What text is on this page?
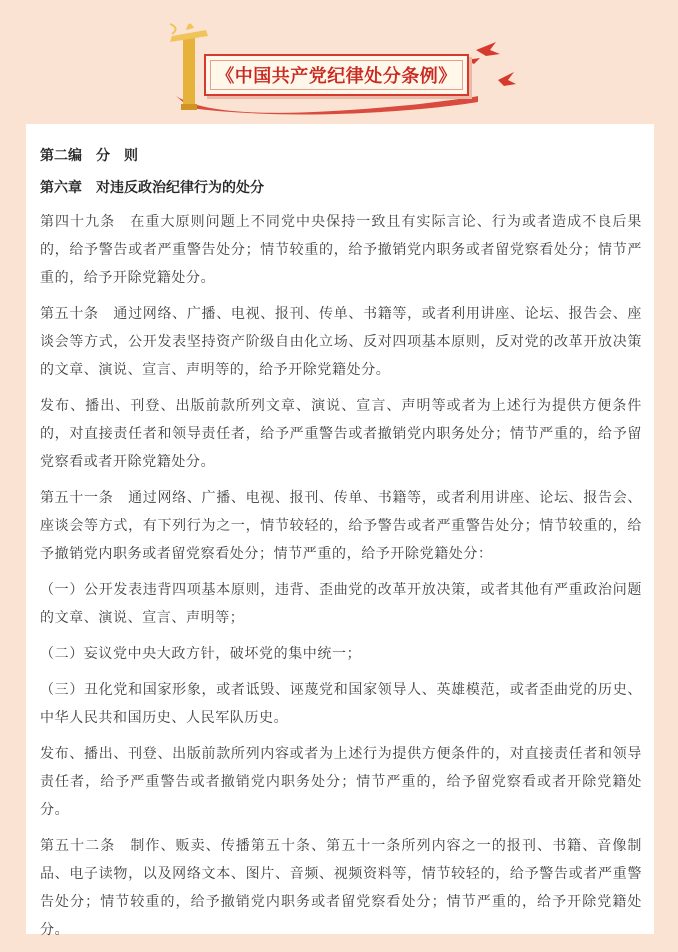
《中国共产党纪律处分条例》

第二编　分　则

第六章　对违反政治纪律行为的处分

第四十九条　在重大原则问题上不同党中央保持一致且有实际言论、行为或者造成不良后果的，给予警告或者严重警告处分；情节较重的，给予撤销党内职务或者留党察看处分；情节严重的，给予开除党籍处分。

第五十条　通过网络、广播、电视、报刊、传单、书籍等，或者利用讲座、论坛、报告会、座谈会等方式，公开发表坚持资产阶级自由化立场、反对四项基本原则，反对党的改革开放决策的文章、演说、宣言、声明等的，给予开除党籍处分。

发布、播出、刊登、出版前款所列文章、演说、宣言、声明等或者为上述行为提供方便条件的，对直接责任者和领导责任者，给予严重警告或者撤销党内职务处分；情节严重的，给予留党察看或者开除党籍处分。

第五十一条　通过网络、广播、电视、报刊、传单、书籍等，或者利用讲座、论坛、报告会、座谈会等方式，有下列行为之一，情节较轻的，给予警告或者严重警告处分；情节较重的，给予撤销党内职务或者留党察看处分；情节严重的，给予开除党籍处分：

（一）公开发表违背四项基本原则，违背、歪曲党的改革开放决策，或者其他有严重政治问题的文章、演说、宣言、声明等；

（二）妄议党中央大政方针，破坏党的集中统一；

（三）丑化党和国家形象，或者诋毁、诬蔑党和国家领导人、英雄模范，或者歪曲党的历史、中华人民共和国历史、人民军队历史。

发布、播出、刊登、出版前款所列内容或者为上述行为提供方便条件的，对直接责任者和领导责任者，给予严重警告或者撤销党内职务处分；情节严重的，给予留党察看或者开除党籍处分。

第五十二条　制作、贩卖、传播第五十条、第五十一条所列内容之一的报刊、书籍、音像制品、电子读物，以及网络文本、图片、音频、视频资料等，情节较轻的，给予警告或者严重警告处分；情节较重的，给予撤销党内职务或者留党察看处分；情节严重的，给予开除党籍处分。
